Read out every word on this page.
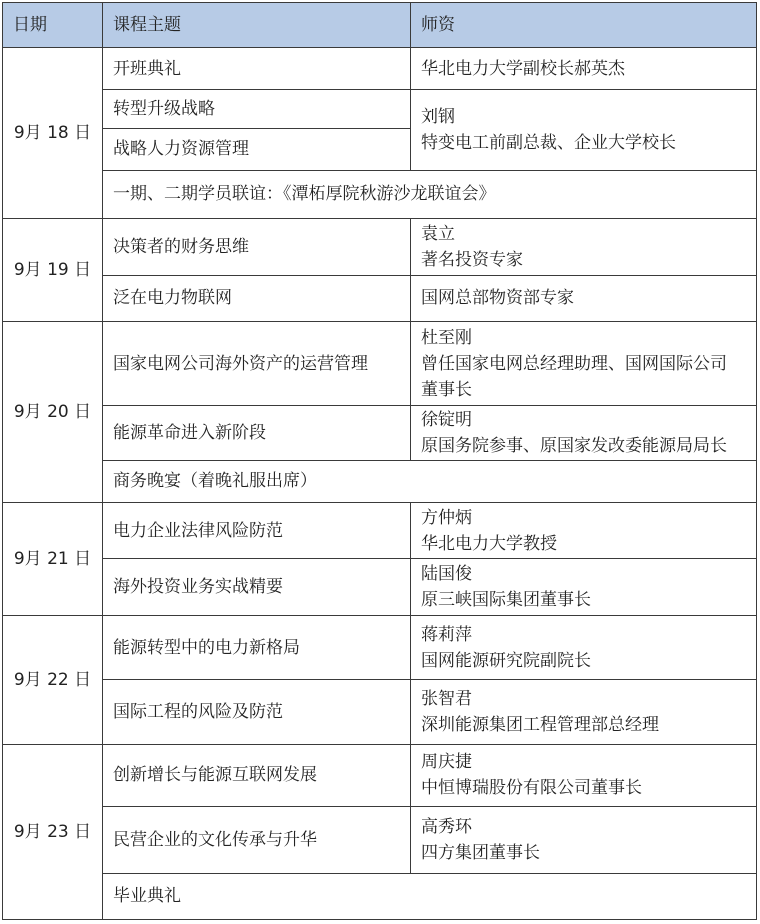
日期	课程主题	师资
9月 18 日	开班典礼	华北电力大学副校长郝英杰
	转型升级战略	刘钢
特变电工前副总裁、企业大学校长
	战略人力资源管理	
	一期、二期学员联谊：《潭柘厚院秋游沙龙联谊会》	
9月 19 日	决策者的财务思维	袁立
著名投资专家
	泛在电力物联网	国网总部物资部专家
9月 20 日	国家电网公司海外资产的运营管理	杜至刚
曾任国家电网总经理助理、国网国际公司
董事长
	能源革命进入新阶段	徐锭明
原国务院参事、原国家发改委能源局局长
	商务晚宴（着晚礼服出席）	
9月 21 日	电力企业法律风险防范	方仲炳
华北电力大学教授
	海外投资业务实战精要	陆国俊
原三峡国际集团董事长
9月 22 日	能源转型中的电力新格局	蒋莉萍
国网能源研究院副院长
	国际工程的风险及防范	张智君
深圳能源集团工程管理部总经理
9月 23 日	创新增长与能源互联网发展	周庆捷
中恒博瑞股份有限公司董事长
	民营企业的文化传承与升华	高秀环
四方集团董事长
	毕业典礼	
